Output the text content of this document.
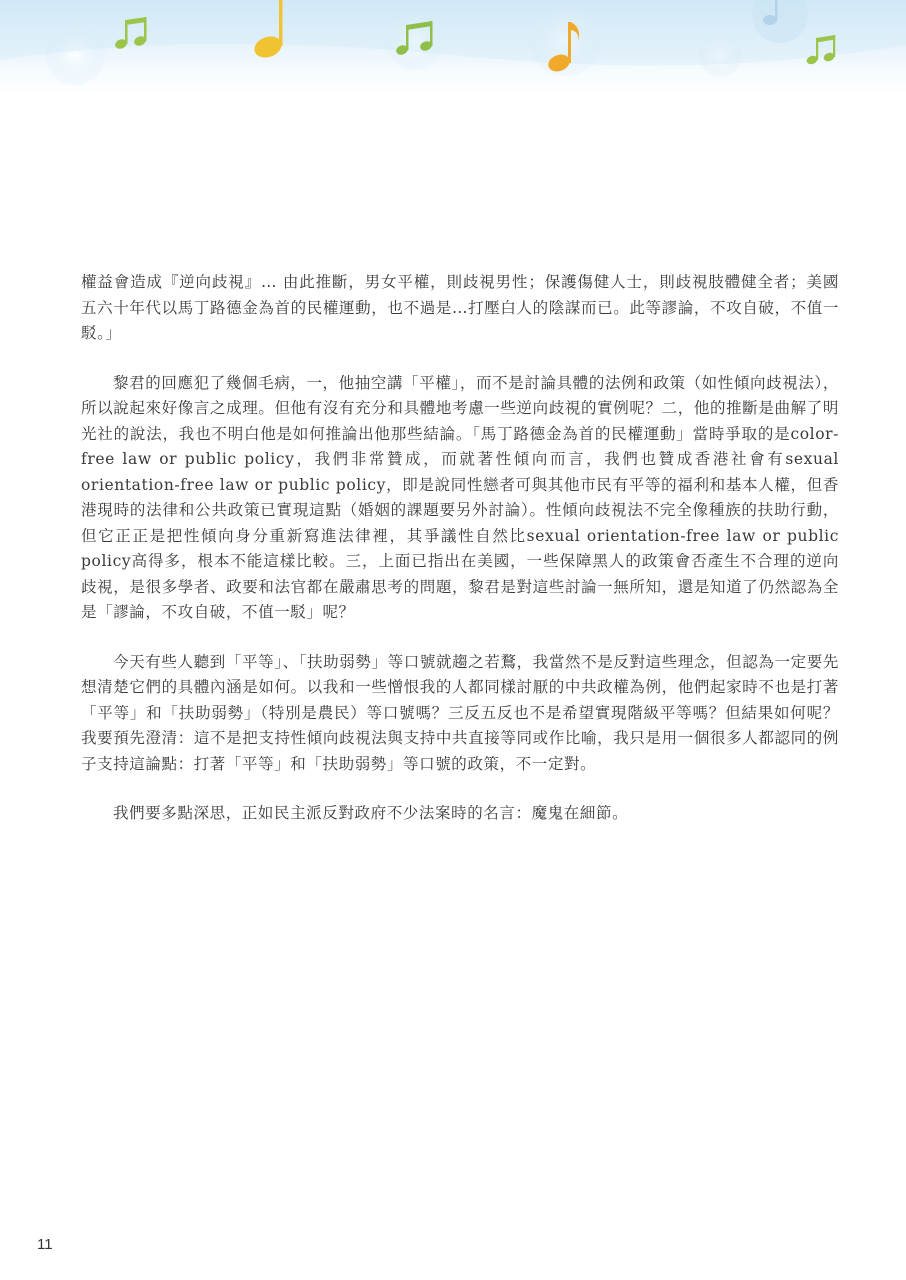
權益會造成『逆向歧視』… 由此推斷，男女平權，則歧視男性；保護傷健人士，則歧視肢體健全者；美國五六十年代以馬丁路德金為首的民權運動，也不過是…打壓白人的陰謀而已。此等謬論，不攻自破，不值一駁。」

黎君的回應犯了幾個毛病，一，他抽空講「平權」，而不是討論具體的法例和政策（如性傾向歧視法），所以說起來好像言之成理。但他有沒有充分和具體地考慮一些逆向歧視的實例呢？二，他的推斷是曲解了明光社的說法，我也不明白他是如何推論出他那些結論。「馬丁路德金為首的民權運動」當時爭取的是color-free law or public policy，我們非常贊成，而就著性傾向而言，我們也贊成香港社會有sexual orientation-free law or public policy，即是說同性戀者可與其他市民有平等的福利和基本人權，但香港現時的法律和公共政策已實現這點（婚姻的課題要另外討論）。性傾向歧視法不完全像種族的扶助行動，但它正正是把性傾向身分重新寫進法律裡，其爭議性自然比sexual orientation-free law or public policy高得多，根本不能這樣比較。三，上面已指出在美國，一些保障黑人的政策會否產生不合理的逆向歧視，是很多學者、政要和法官都在嚴肅思考的問題，黎君是對這些討論一無所知，還是知道了仍然認為全是「謬論，不攻自破，不值一駁」呢？

今天有些人聽到「平等」、「扶助弱勢」等口號就趨之若鶩，我當然不是反對這些理念，但認為一定要先想清楚它們的具體內涵是如何。以我和一些憎恨我的人都同樣討厭的中共政權為例，他們起家時不也是打著「平等」和「扶助弱勢」（特別是農民）等口號嗎？三反五反也不是希望實現階級平等嗎？但結果如何呢？我要預先澄清：這不是把支持性傾向歧視法與支持中共直接等同或作比喻，我只是用一個很多人都認同的例子支持這論點：打著「平等」和「扶助弱勢」等口號的政策，不一定對。

我們要多點深思，正如民主派反對政府不少法案時的名言：魔鬼在細節。

11
